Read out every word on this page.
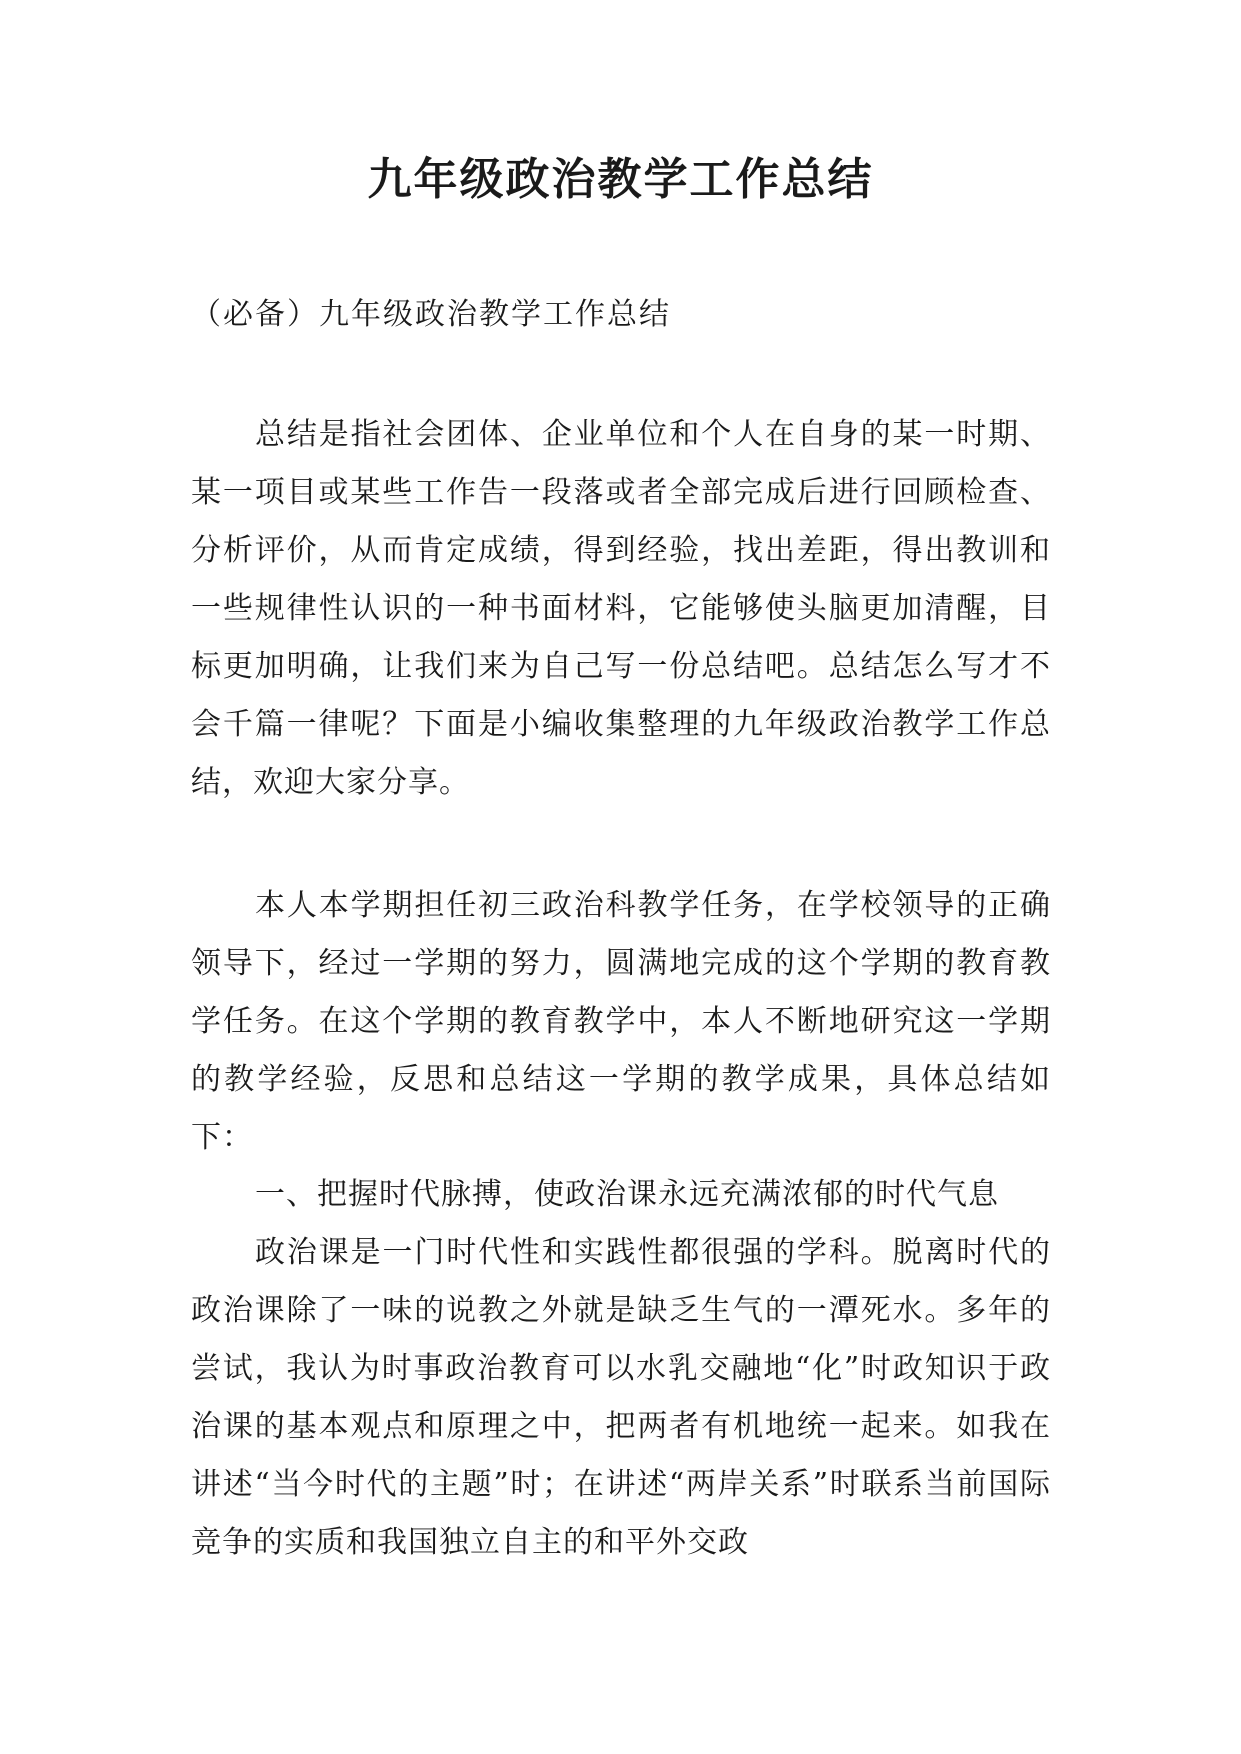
九年级政治教学工作总结
（必备）九年级政治教学工作总结

总结是指社会团体、企业单位和个人在自身的某一时期、某一项目或某些工作告一段落或者全部完成后进行回顾检查、分析评价，从而肯定成绩，得到经验，找出差距，得出教训和一些规律性认识的一种书面材料，它能够使头脑更加清醒，目标更加明确，让我们来为自己写一份总结吧。总结怎么写才不会千篇一律呢？下面是小编收集整理的九年级政治教学工作总结，欢迎大家分享。

本人本学期担任初三政治科教学任务，在学校领导的正确领导下，经过一学期的努力，圆满地完成的这个学期的教育教学任务。在这个学期的教育教学中，本人不断地研究这一学期的教学经验，反思和总结这一学期的教学成果，具体总结如下：

一、把握时代脉搏，使政治课永远充满浓郁的时代气息

政治课是一门时代性和实践性都很强的学科。脱离时代的政治课除了一味的说教之外就是缺乏生气的一潭死水。多年的尝试，我认为时事政治教育可以水乳交融地“化”时政知识于政治课的基本观点和原理之中，把两者有机地统一起来。如我在讲述“当今时代的主题”时；在讲述“两岸关系”时联系当前国际竞争的实质和我国独立自主的和平外交政
